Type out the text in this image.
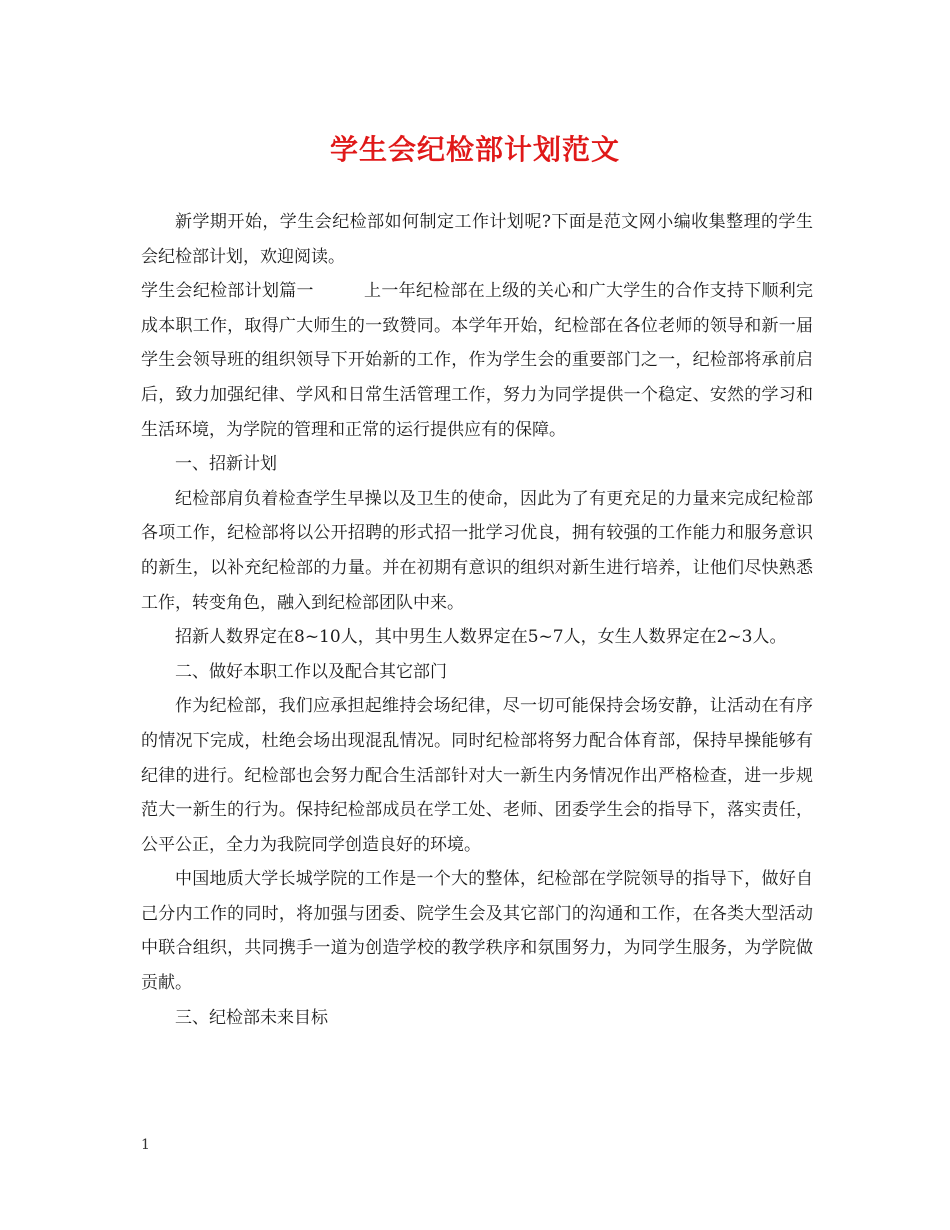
学生会纪检部计划范文

新学期开始，学生会纪检部如何制定工作计划呢?下面是范文网小编收集整理的学生会纪检部计划，欢迎阅读。

学生会纪检部计划篇一	上一年纪检部在上级的关心和广大学生的合作支持下顺利完成本职工作，取得广大师生的一致赞同。本学年开始，纪检部在各位老师的领导和新一届学生会领导班的组织领导下开始新的工作，作为学生会的重要部门之一，纪检部将承前启后，致力加强纪律、学风和日常生活管理工作，努力为同学提供一个稳定、安然的学习和生活环境，为学院的管理和正常的运行提供应有的保障。

一、招新计划

纪检部肩负着检查学生早操以及卫生的使命，因此为了有更充足的力量来完成纪检部各项工作，纪检部将以公开招聘的形式招一批学习优良，拥有较强的工作能力和服务意识的新生，以补充纪检部的力量。并在初期有意识的组织对新生进行培养，让他们尽快熟悉工作，转变角色，融入到纪检部团队中来。

招新人数界定在8~10人，其中男生人数界定在5~7人，女生人数界定在2~3人。

二、做好本职工作以及配合其它部门

作为纪检部，我们应承担起维持会场纪律，尽一切可能保持会场安静，让活动在有序的情况下完成，杜绝会场出现混乱情况。同时纪检部将努力配合体育部，保持早操能够有纪律的进行。纪检部也会努力配合生活部针对大一新生内务情况作出严格检查，进一步规范大一新生的行为。保持纪检部成员在学工处、老师、团委学生会的指导下，落实责任，公平公正，全力为我院同学创造良好的环境。

中国地质大学长城学院的工作是一个大的整体，纪检部在学院领导的指导下，做好自己分内工作的同时，将加强与团委、院学生会及其它部门的沟通和工作，在各类大型活动中联合组织，共同携手一道为创造学校的教学秩序和氛围努力，为同学生服务，为学院做贡献。

三、纪检部未来目标

1
